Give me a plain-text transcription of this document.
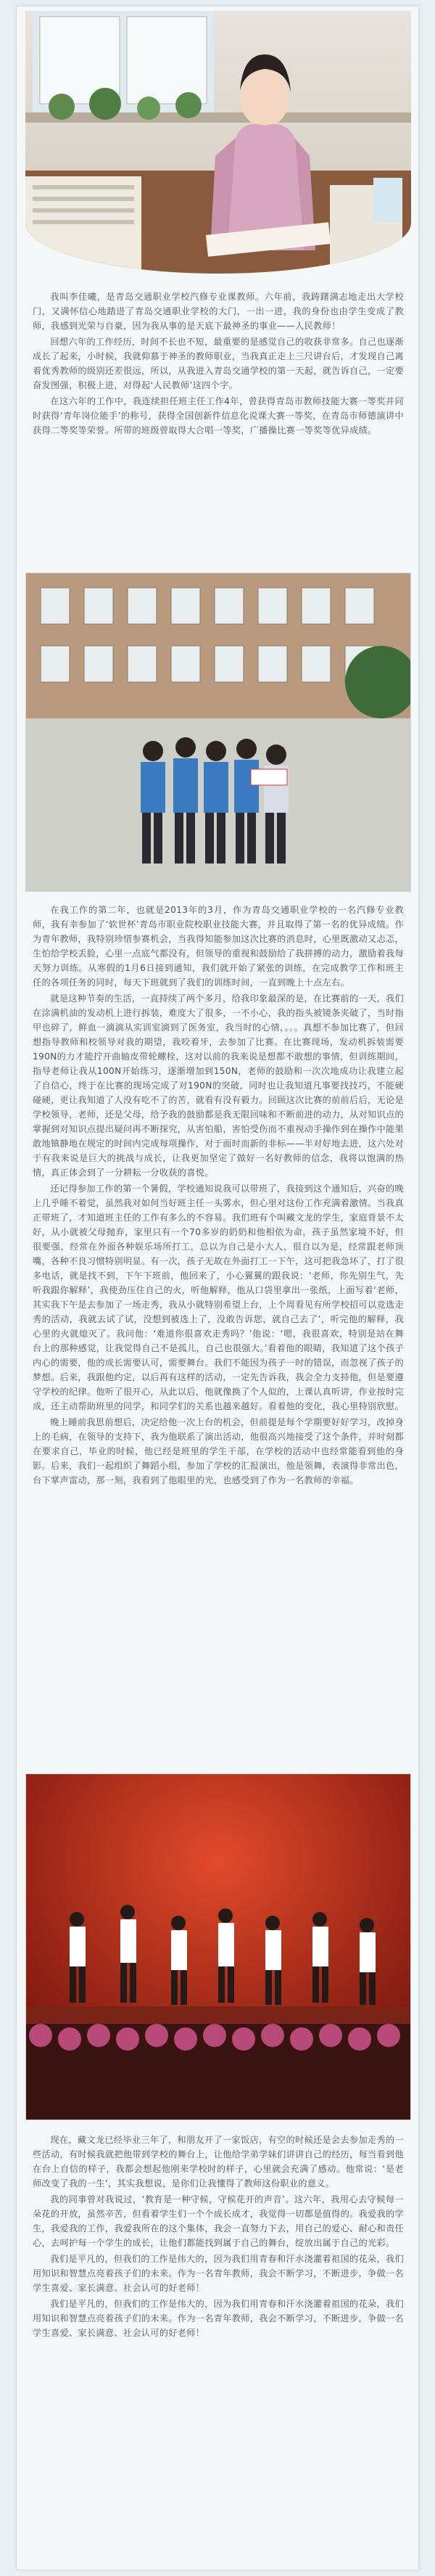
我叫李佳曦，是青岛交通职业学校汽修专业课教师。六年前，我踌躇满志地走出大学校门，又满怀信心地踏进了青岛交通职业学校的大门，一出一进，我的身份也由学生变成了教师，我感到光荣与自豪，因为我从事的是天底下最神圣的事业——人民教师！

回想六年的工作经历，时间不长也不短，最重要的是感觉自己的收获非常多。自己也逐渐成长了起来，小时候，我就仰慕于神圣的教师职业，当我真正走上三尺讲台后，才发现自己离着优秀教师的级别还差很远，所以，从我进入青岛交通学校的第一天起，就告诉自己，一定要奋发图强，积极上进，对得起‘人民教师’这四个字。

在这六年的工作中，我连续担任班主任工作4年，曾获得青岛市教师技能大赛一等奖并同时获得‘青年岗位能手’的称号，获得全国创新件信息化说课大赛一等奖，在青岛市师德演讲中获得二等奖等荣誉。所带的班级曾取得大合唱一等奖，广播操比赛一等奖等优异成绩。

在我工作的第二年，也就是2013年的3月，作为青岛交通职业学校的一名汽修专业教师，我有幸参加了‘软世杯’青岛市职业院校职业技能大赛，并且取得了第一名的优异成绩。作为青年教师，我特别珍惜参赛机会，当我得知能参加这次比赛的消息时，心里既激动又忐忑，生怕给学校丢脸，心里一点底气都没有，但领导的重视和鼓励给了我拼搏的动力，激励着我每天努力训练。从寒假的1月6日接到通知，我们就开始了紧张的训练，在完成教学工作和班主任的各项任务的同时，每天下班就到了我们的训练时间，一直到晚上十点左右。

就是这种节奏的生活，一直持续了两个多月，给我印象最深的是，在比赛前的一天，我们在涂满机油的发动机上进行拆装，难度大了很多，一不小心，我的指头被镜条夹破了，当时指甲也碎了，鲜血一滴滴从实训室滴到了医务室，我当时的心情，。。。真想不参加比赛了，但回想指导教师和校领导对我的期望，我咬着牙，去参加了比赛。在比赛现场，发动机拆装需要190N的力才能拧开曲轴皮带轮螺栓，这对以前的我来说是想都不敢想的事情，但训练期间，指导老师让我从100N开始练习，逐渐增加到150N，老师的鼓励和一次次地成功让我建立起了自信心，终于在比赛的现场完成了对190N的突破，同时也让我知道凡事要找技巧，不能硬碰硬，更让我知道了人没有吃不了的苦，就看有没有毅力。回顾这次比赛的前前后后，无论是学校领导，老师，还是父母，给予我的鼓励都是我无限回味和不断前进的动力，从对知识点的掌握到对知识点提出疑问再不断探究，从害怕船，害怕受伤而不重视动手操作到在操作中能果敢地镇静地在规定的时间内完成每项操作，对于面时而新的非标——半对好地去进，这六处对于有我来说是巨大的挑战与成长，让我更加坚定了做好一名好教师的信念，我将以饱满的热情，真正体会到了一分耕耘一分收获的喜悦。

还记得参加工作的第一个暑假，学校通知说我可以带班了，我接到这个通知后，兴奋的晚上几乎睡不着觉，虽然我对如何当好班主任一头雾水，但心里对这份工作充满着激情。当我真正带班了，才知道班主任的工作有多么的不容易。我们班有个叫藏文龙的学生，家庭背景不太好，从小就被父母抛弃，家里只有一个70多岁的奶奶和他相依为命，孩子虽然家境不好，但很要强，经常在外面各种娱乐场所打工，总以为自己是小大人，很自以为是，经常跟老师顶嘴，各种不良习惯特别明显。有一次，孩子无故在外面打工一下午，这可把我急坏了，打了很多电话，就是找不到，下午下班前，他回来了，小心翼翼的跟我说：‘老师，你先别生气，先听我跟你解释’，我使劲压住自己的火，听他解释，他从口袋里拿出一张纸，上面写着‘老师，其实我下午是去参加了一场走秀，我从小就特别希望上台，上个周看见有所学校招可以竞选走秀的活动，我就去试了试，没想到被选上了，没敢告诉您，就自己去了’，听完他的解释，我心里的火就熄灭了。我问他：‘难道你很喜欢走秀吗？’他说：‘嗯，我很喜欢，特别是站在舞台上的那种感觉，让我觉得自己不是孤儿，自己也很强大。’看着他的眼睛，我知道了这个孩子内心的需要，他的成长需要认可，需要舞台。我们不能因为孩子一时的错误，而忽视了孩子的梦想。后来，我跟他约定，以后再有这样的活动，一定先告诉我，我会全力支持他，但是要遵守学校的纪律。他听了很开心，从此以后，他就像换了个人似的，上课认真听讲，作业按时完成，还主动帮助班里的同学，和同学们的关系也越来越好。看着他的变化，我心里特别欣慰。

晚上睡前我思前想后，决定给他一次上台的机会，但前提是每个学期要好好学习，改掉身上的毛病，在领导的支持下，我为他联系了演出活动，他很高兴地接受了这个条件，并时刻都在要求自己，毕业的时候，他已经是班里的学生干部，在学校的活动中也经常能看到他的身影。后来，我们一起组织了舞蹈小组，参加了学校的汇报演出，他是领舞，表演得非常出色，台下掌声雷动，那一刻，我看到了他眼里的光，也感受到了作为一名教师的幸福。

现在，藏文龙已经毕业三年了，和朋友开了一家饭店，有空的时候还是会去参加走秀的一些活动，有时候我就把他带到学校的舞台上，让他给学弟学妹们讲讲自己的经历，每当看到他在台上自信的样子，我都会想起他刚来学校时的样子，心里就会充满了感动。他常说：‘是老师改变了我的一生’，其实我想说，是你们让我懂得了教师这份职业的意义。

我的同事曾对我说过，‘教育是一种守候，守候花开的声音’。这六年，我用心去守候每一朵花的开放，虽然辛苦，但看着学生们一个个成长成才，我觉得一切都是值得的。我爱我的学生，我爱我的工作，我爱我所在的这个集体，我会一直努力下去，用自己的爱心、耐心和责任心，去呵护每一个学生的成长，让他们都能找到属于自己的舞台，绽放出属于自己的光彩。

我们是平凡的，但我们的工作是伟大的，因为我们用青春和汗水浇灌着祖国的花朵，我们用知识和智慧点亮着孩子们的未来。作为一名青年教师，我会不断学习，不断进步，争做一名学生喜爱、家长满意、社会认可的好老师！

我们是平凡的，但我们的工作是伟大的，因为我们用青春和汗水浇灌着祖国的花朵，我们用知识和智慧点亮着孩子们的未来。作为一名青年教师，我会不断学习，不断进步，争做一名学生喜爱、家长满意、社会认可的好老师！
